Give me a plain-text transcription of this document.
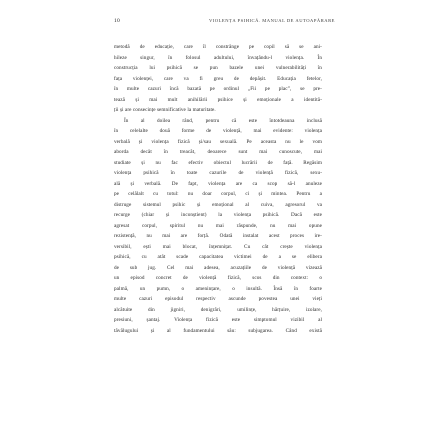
10	VIOLENȚA PSIHICĂ. MANUAL DE AUTOAPĂRARE
metodă de educație, care îl constrânge pe copil să se ani-
hileze singur, în folosul adultului, învațându-l violența. În
construcția lui psihică se pun bazele unei vulnerabilități în
fața violenței, care va fi greu de depășit. Educația fetelor,
în multe cazuri încă bazată pe ordinul „Fii pe plac”, se pre-
tează și mai mult anihilării psihice și emoționale a identită-
ții și are consecințe semnificative la maturitate.
În al doilea rând, pentru că este întotdeauna inclusă
în celelalte două forme de violență, mai evidente: violența
verbală și violența fizică și/sau sexuală. Pe aceasta nu le vom
aborda decât în treacăt, deoarece sunt mai cunoscute, mai
studiate și nu fac efectiv obiectul lucrării de față. Regăsim
violența psihică în toate cazurile de violență fizică, sexu-
ală și verbală. De fapt, violența are ca scop să-l anuleze
pe celălalt cu totul: nu doar corpul, ci și mintea. Pentru a
distruge sistemul psihic și emoțional al cuiva, agresorul va
recurge (chiar și inconștient) la violența psihică. Dacă este
agresat corpul, spiritul nu mai răspunde, nu mai opune
rezistență, nu mai are forță. Odată instalat acest proces ire-
versibil, ești mai blocat, înțemnițat. Cu cât crește violența
psihică, cu atât scade capacitatea victimei de a se elibera
de sub jug. Cel mai adesea, acuzațiile de violență vizează
un episod concret de violență fizică, scos din context: o
palmă, un pumn, o amenințare, o insultă. Însă în foarte
multe cazuri episodul respectiv ascunde povestea unei vieți
alcătuite din jigniri, denigrări, umilințe, hărțuire, izolare,
presiuni, șantaj. Violența fizică este simptomul vizibil al
tăvălugului și al fundamentului său: subjugarea. Când există
